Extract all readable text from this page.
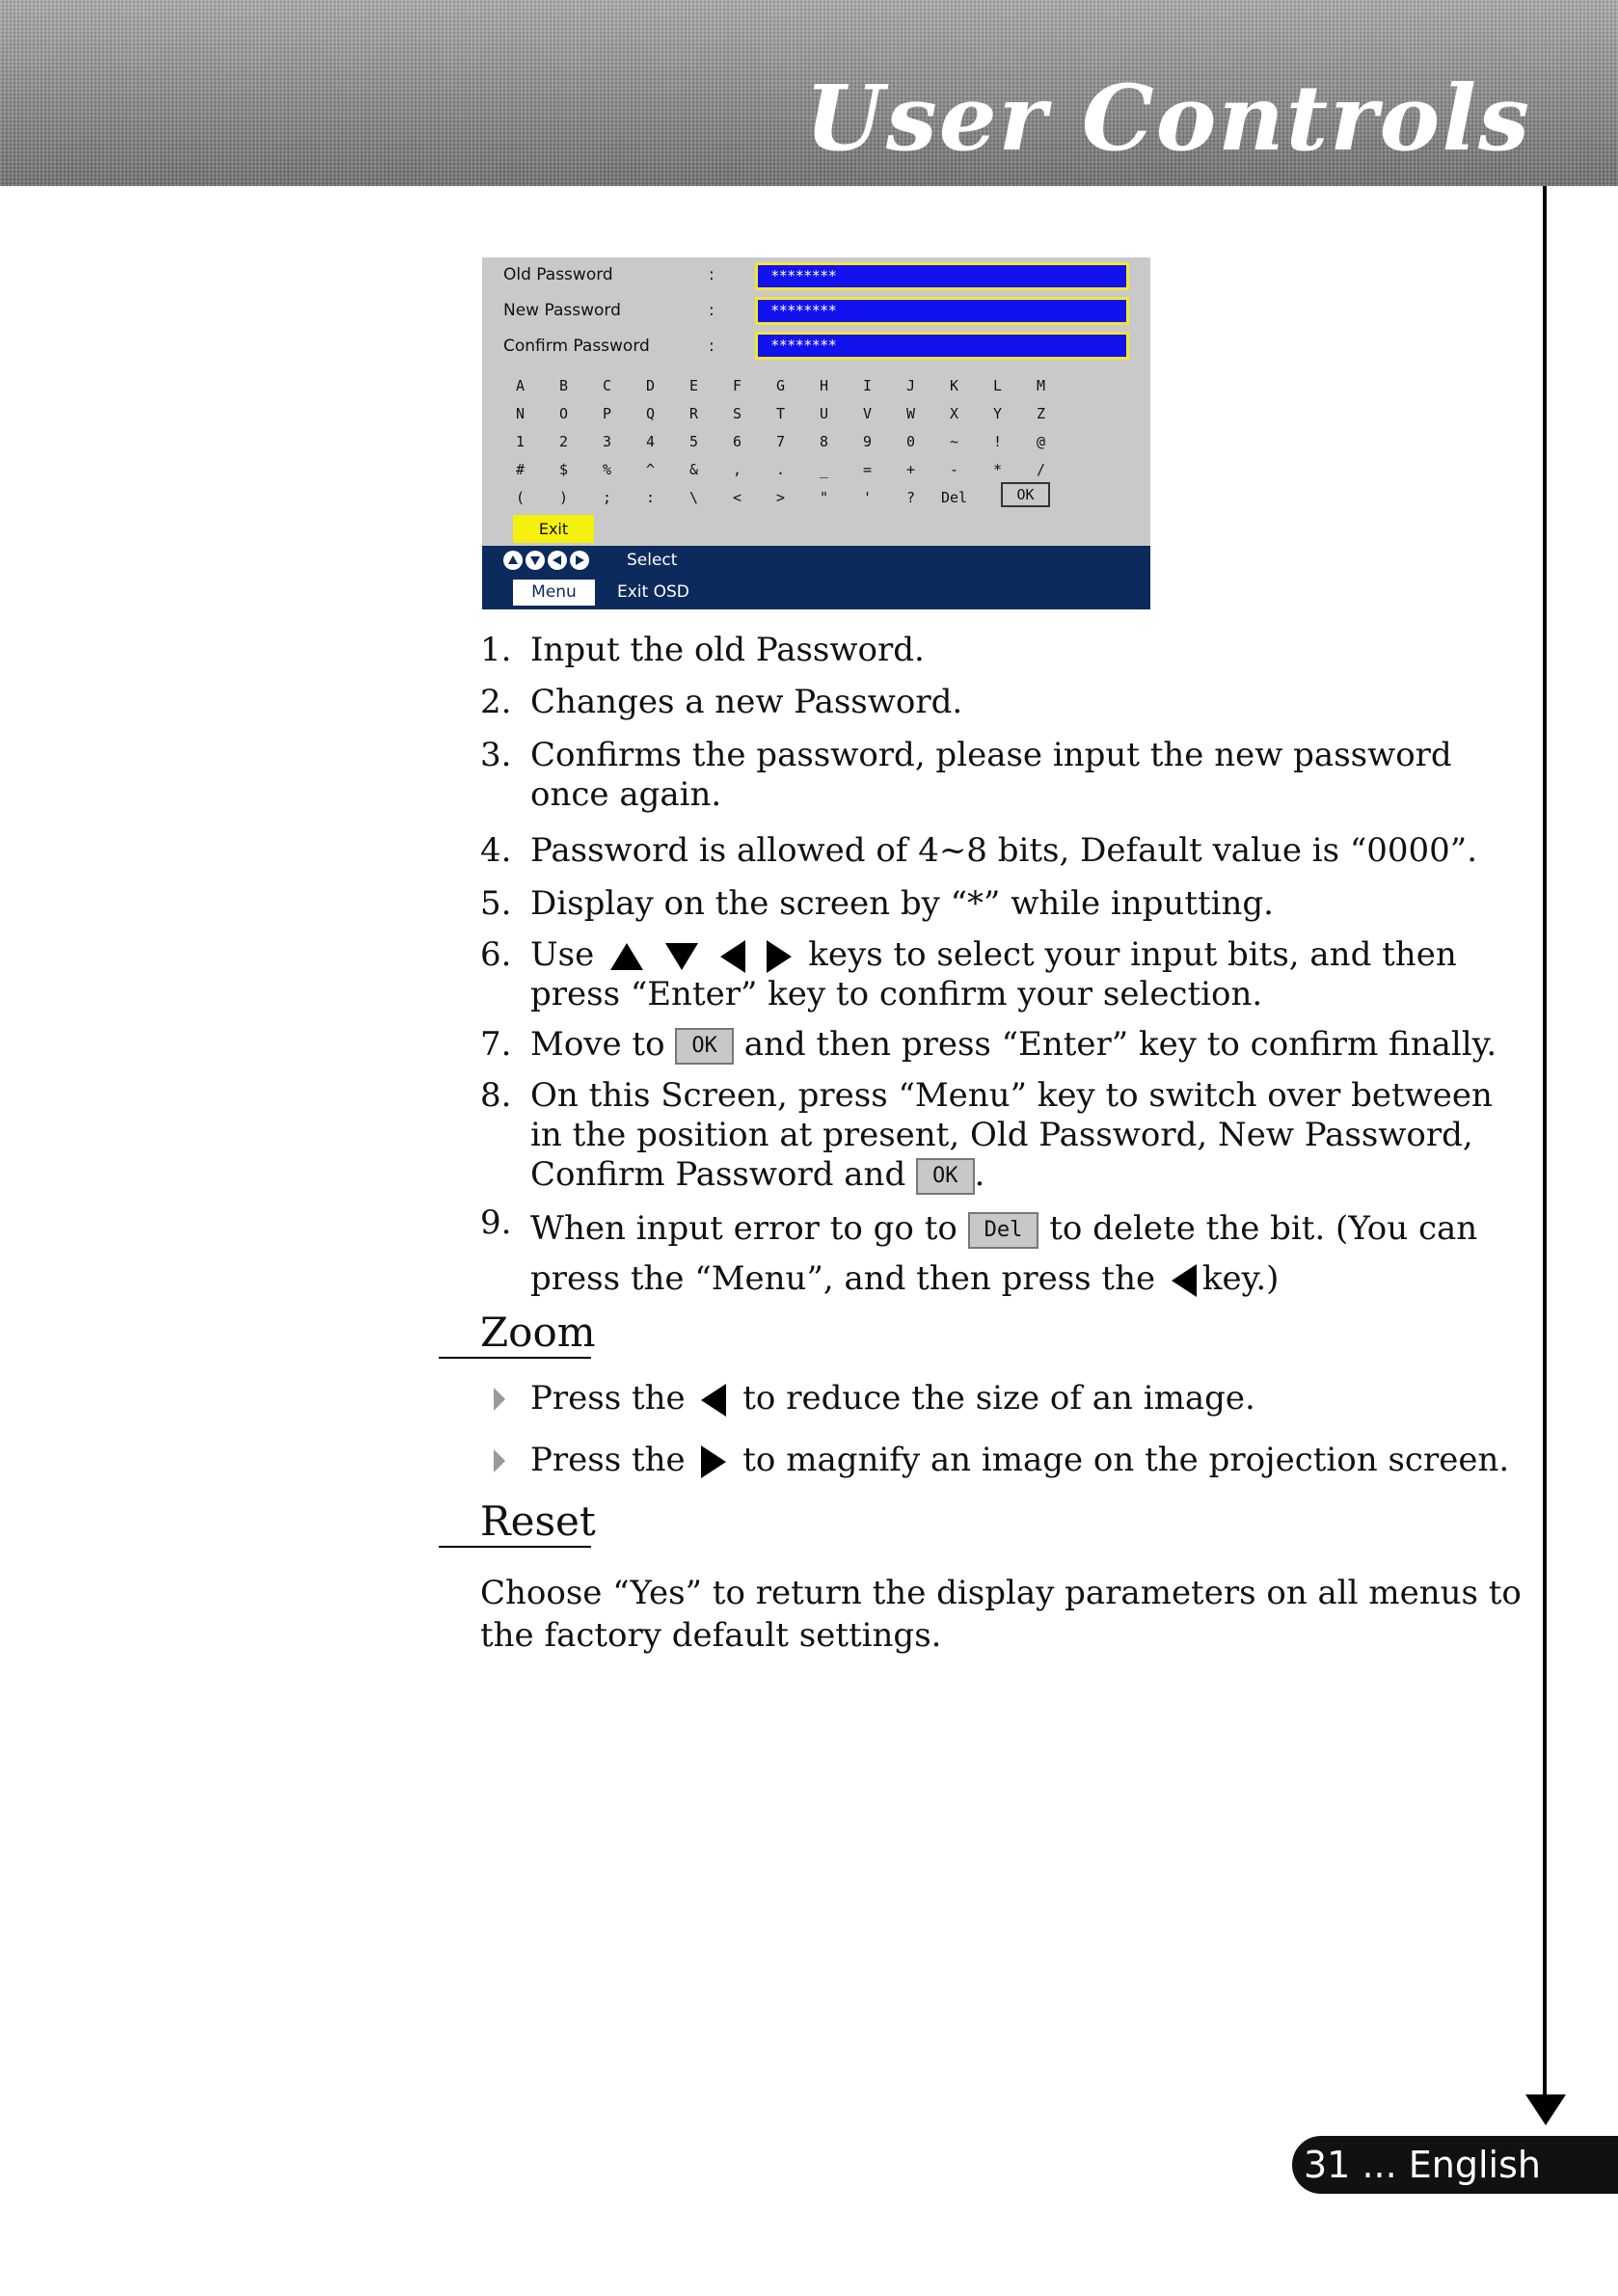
User Controls
Old Password	:	********
New Password	:	********
Confirm Password	:	********
A	B	C	D	E	F	G	H	I	J	K	L	M
N	O	P	Q	R	S	T	U	V	W	X	Y	Z
1	2	3	4	5	6	7	8	9	0	~	!	@
#	$	%	^	&	,	.	_	=	+	-	*	/
(	)	;	:	\	<	>	"	'	?	Del	OK
Exit
Select
Menu	Exit OSD
1. Input the old Password.
2. Changes a new Password.
3. Confirms the password, please input the new password once again.
4. Password is allowed of 4~8 bits, Default value is “0000”.
5. Display on the screen by “*” while inputting.
6. Use	keys to select your input bits, and then press “Enter” key to confirm your selection.
7. Move to OK and then press “Enter” key to confirm finally.
8. On this Screen, press “Menu” key to switch over between in the position at present, Old Password, New Password, Confirm Password and OK .
9. When input error to go to Del to delete the bit. (You can press the “Menu”, and then press the key.)
Zoom
Press the to reduce the size of an image.
Press the to magnify an image on the projection screen.
Reset
Choose “Yes” to return the display parameters on all menus to the factory default settings.
31 ... English
